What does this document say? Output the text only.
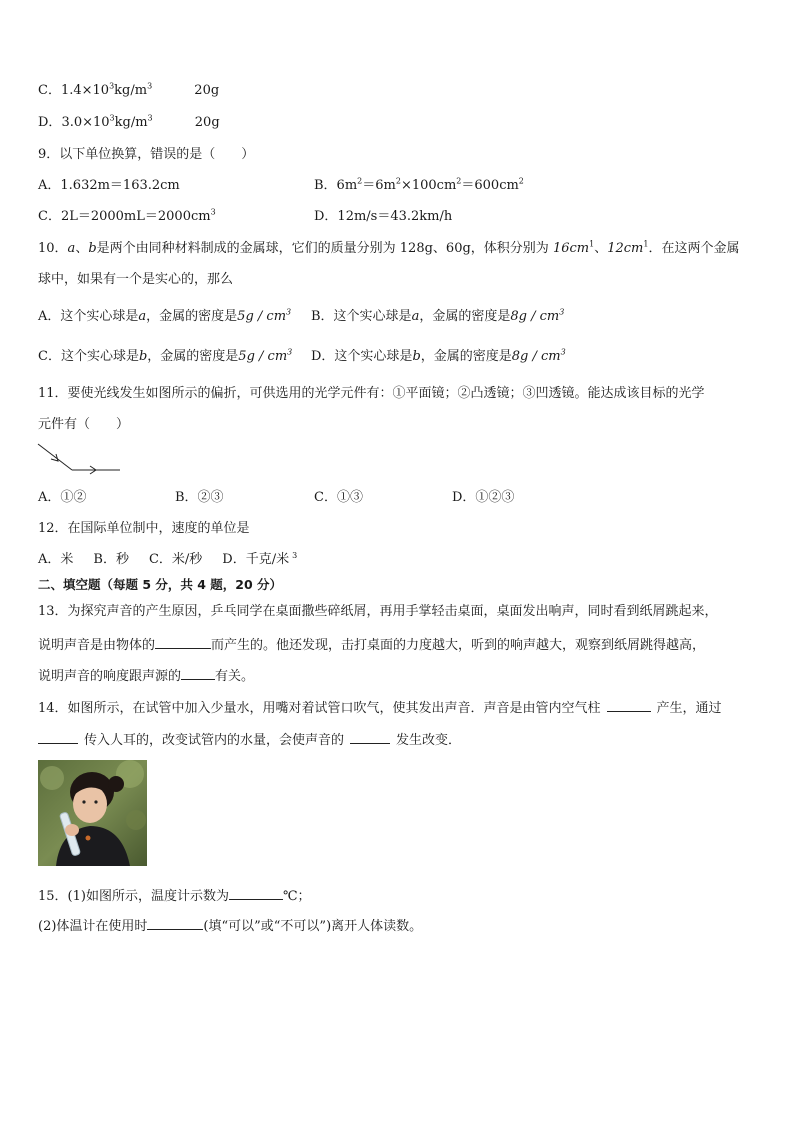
C．$1.4\times 10^3kg/m^3$	20g
D．$3.0\times 10^3kg/m^3$	20g
9．以下单位换算，错误的是（　　）
A．1.632m＝163.2cm	B．$6m^2=6m^2\times 100cm^2=600cm^2$
C．$2L=2000mL=2000cm^3$	D．12m/s＝43.2km/h
10．a、b是两个由同种材料制成的金属球，它们的质量分别为 128g、60g，体积分别为 $16cm^1$、$12cm^1$．在这两个金属
球中，如果有一个是实心的，那么
A．这个实心球是a，金属的密度是$5g / cm^3$ B．这个实心球是a，金属的密度是$8g / cm^3$
C．这个实心球是b，金属的密度是$5g / cm^3$ D．这个实心球是b，金属的密度是$8g / cm^3$
11．要使光线发生如图所示的偏折，可供选用的光学元件有：①平面镜；②凸透镜；③凹透镜。能达成该目标的光学
元件有（　　）
A．①②	B．②③	C．①③	D．①②③
12．在国际单位制中，速度的单位是
A．米 B．秒 C．米/秒 D．千克/米 $^3$
二、填空题（每题 5 分，共 4 题，20 分）
13．为探究声音的产生原因，乒乓同学在桌面撒些碎纸屑，再用手掌轻击桌面，桌面发出响声，同时看到纸屑跳起来，
说明声音是由物体的	而产生的。他还发现，击打桌面的力度越大，听到的响声越大，观察到纸屑跳得越高，
说明声音的响度跟声源的	有关。
14．如图所示，在试管中加入少量水，用嘴对着试管口吹气，使其发出声音．声音是由管内空气柱	产生，通过
传入人耳的，改变试管内的水量，会使声音的	发生改变．
15．(1)如图所示，温度计示数为	℃；
(2)体温计在使用时	(填“可以”或“不可以”)离开人体读数。
